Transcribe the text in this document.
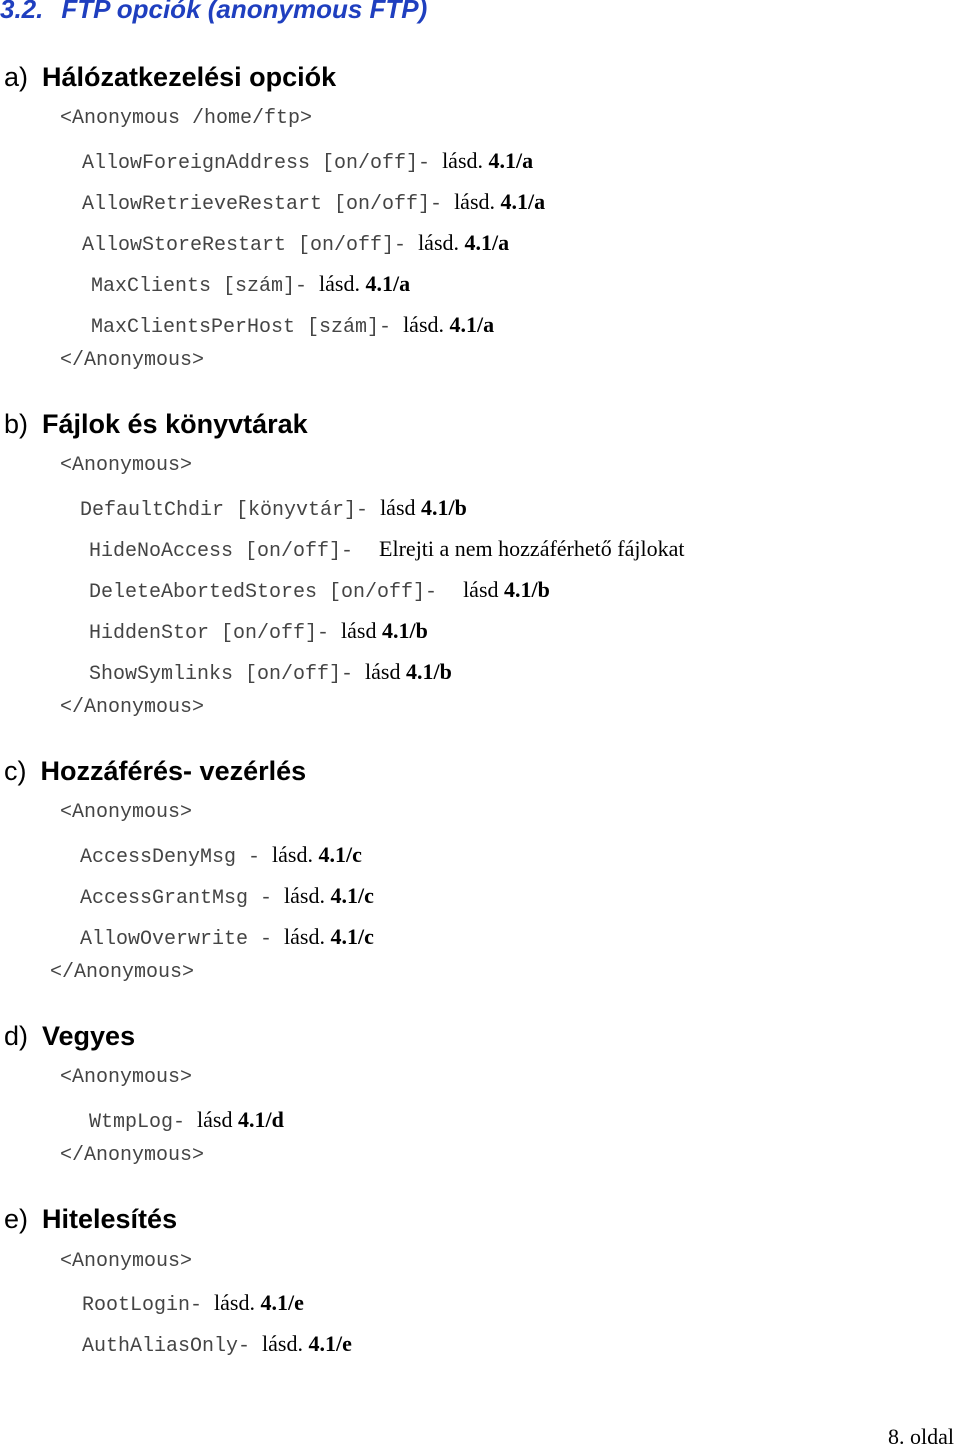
3.2. FTP opciók (anonymous FTP)
a) Hálózatkezelési opciók
<Anonymous /home/ftp>
AllowForeignAddress [on/off]- lásd. 4.1/a
AllowRetrieveRestart [on/off]- lásd. 4.1/a
AllowStoreRestart [on/off]- lásd. 4.1/a
MaxClients [szám]- lásd. 4.1/a
MaxClientsPerHost [szám]- lásd. 4.1/a
</Anonymous>
b) Fájlok és könyvtárak
<Anonymous>
DefaultChdir [könyvtár]- lásd 4.1/b
HideNoAccess [on/off]- Elrejti a nem hozzáférhető fájlokat
DeleteAbortedStores [on/off]- lásd 4.1/b
HiddenStor [on/off]- lásd 4.1/b
ShowSymlinks [on/off]- lásd 4.1/b
</Anonymous>
c) Hozzáférés- vezérlés
<Anonymous>
AccessDenyMsg - lásd. 4.1/c
AccessGrantMsg - lásd. 4.1/c
AllowOverwrite - lásd. 4.1/c
</Anonymous>
d) Vegyes
<Anonymous>
WtmpLog- lásd 4.1/d
</Anonymous>
e) Hitelesítés
<Anonymous>
RootLogin- lásd. 4.1/e
AuthAliasOnly- lásd. 4.1/e
8. oldal
